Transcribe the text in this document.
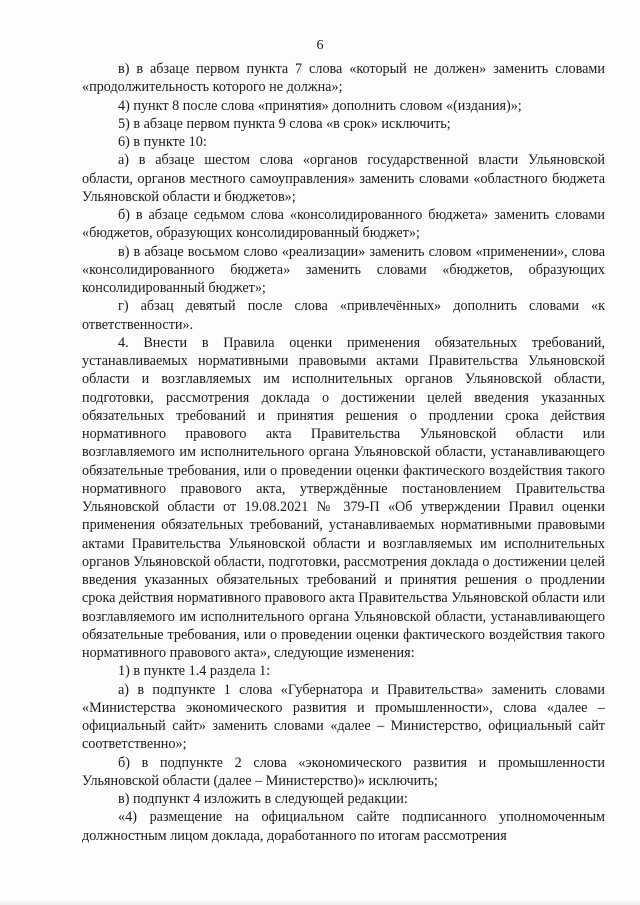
6

в) в абзаце первом пункта 7 слова «который не должен» заменить словами «продолжительность которого не должна»;

4) пункт 8 после слова «принятия» дополнить словом «(издания)»;

5) в абзаце первом пункта 9 слова «в срок» исключить;

6) в пункте 10:

а) в абзаце шестом слова «органов государственной власти Ульяновской области, органов местного самоуправления» заменить словами «областного бюджета Ульяновской области и бюджетов»;

б) в абзаце седьмом слова «консолидированного бюджета» заменить словами «бюджетов, образующих консолидированный бюджет»;

в) в абзаце восьмом слово «реализации» заменить словом «применении», слова «консолидированного бюджета» заменить словами «бюджетов, образующих консолидированный бюджет»;

г) абзац девятый после слова «привлечённых» дополнить словами «к ответственности».

4. Внести в Правила оценки применения обязательных требований, устанавливаемых нормативными правовыми актами Правительства Ульяновской области и возглавляемых им исполнительных органов Ульяновской области, подготовки, рассмотрения доклада о достижении целей введения указанных обязательных требований и принятия решения о продлении срока действия нормативного правового акта Правительства Ульяновской области или возглавляемого им исполнительного органа Ульяновской области, устанавливающего обязательные требования, или о проведении оценки фактического воздействия такого нормативного правового акта, утверждённые постановлением Правительства Ульяновской области от 19.08.2021 № 379-П «Об утверждении Правил оценки применения обязательных требований, устанавливаемых нормативными правовыми актами Правительства Ульяновской области и возглавляемых им исполнительных органов Ульяновской области, подготовки, рассмотрения доклада о достижении целей введения указанных обязательных требований и принятия решения о продлении срока действия нормативного правового акта Правительства Ульяновской области или возглавляемого им исполнительного органа Ульяновской области, устанавливающего обязательные требования, или о проведении оценки фактического воздействия такого нормативного правового акта», следующие изменения:

1) в пункте 1.4 раздела 1:

а) в подпункте 1 слова «Губернатора и Правительства» заменить словами «Министерства экономического развития и промышленности», слова «далее – официальный сайт» заменить словами «далее – Министерство, официальный сайт соответственно»;

б) в подпункте 2 слова «экономического развития и промышленности Ульяновской области (далее – Министерство)» исключить;

в) подпункт 4 изложить в следующей редакции:

«4) размещение на официальном сайте подписанного уполномоченным должностным лицом доклада, доработанного по итогам рассмотрения
